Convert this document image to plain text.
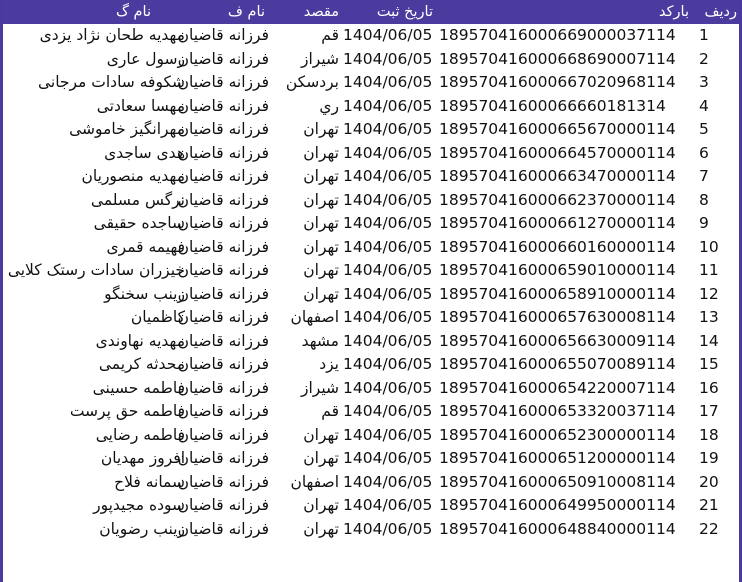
ردیف	بارکد	تاریخ ثبت	مقصد	نام ف	نام گ
1	189570416000669000037114	1404/06/05	قم	فرزانه قاضیان	مهدیه طحان نژاد یزدی
2	189570416000668690007114	1404/06/05	شیراز	فرزانه قاضیان	رسول عاری
3	189570416000667020968114	1404/06/05	بردسکن	فرزانه قاضیان	شکوفه سادات مرجانی
4	18957041600066660181314	1404/06/05	ري	فرزانه قاضیان	مهسا سعادتی
5	189570416000665670000114	1404/06/05	تهران	فرزانه قاضیان	مهرانگیز خاموشی
6	189570416000664570000114	1404/06/05	تهران	فرزانه قاضیان	هدی ساجدی
7	189570416000663470000114	1404/06/05	تهران	فرزانه قاضیان	مهدیه منصوریان
8	189570416000662370000114	1404/06/05	تهران	فرزانه قاضیان	نرگس مسلمی
9	189570416000661270000114	1404/06/05	تهران	فرزانه قاضیان	ساجده حقیقی
10	189570416000660160000114	1404/06/05	تهران	فرزانه قاضیان	فهیمه قمری
11	189570416000659010000114	1404/06/05	تهران	فرزانه قاضیان	خیزران سادات رستک کلایی
12	189570416000658910000114	1404/06/05	تهران	فرزانه قاضیان	زینب سخنگو
13	189570416000657630008114	1404/06/05	اصفهان	فرزانه قاضیان	کاظمیان
14	189570416000656630009114	1404/06/05	مشهد	فرزانه قاضیان	مهدیه نهاوندی
15	189570416000655070089114	1404/06/05	یزد	فرزانه قاضیان	محدثه کریمی
16	189570416000654220007114	1404/06/05	شیراز	فرزانه قاضیان	فاطمه حسینی
17	189570416000653320037114	1404/06/05	قم	فرزانه قاضیان	فاطمه حق پرست
18	189570416000652300000114	1404/06/05	تهران	فرزانه قاضیان	فاطمه رضایی
19	189570416000651200000114	1404/06/05	تهران	فرزانه قاضیان	افروز مهدیان
20	189570416000650910008114	1404/06/05	اصفهان	فرزانه قاضیان	سمانه فلاح
21	189570416000649950000114	1404/06/05	تهران	فرزانه قاضیان	سوده مجیدپور
22	189570416000648840000114	1404/06/05	تهران	فرزانه قاضیان	زینب رضویان
